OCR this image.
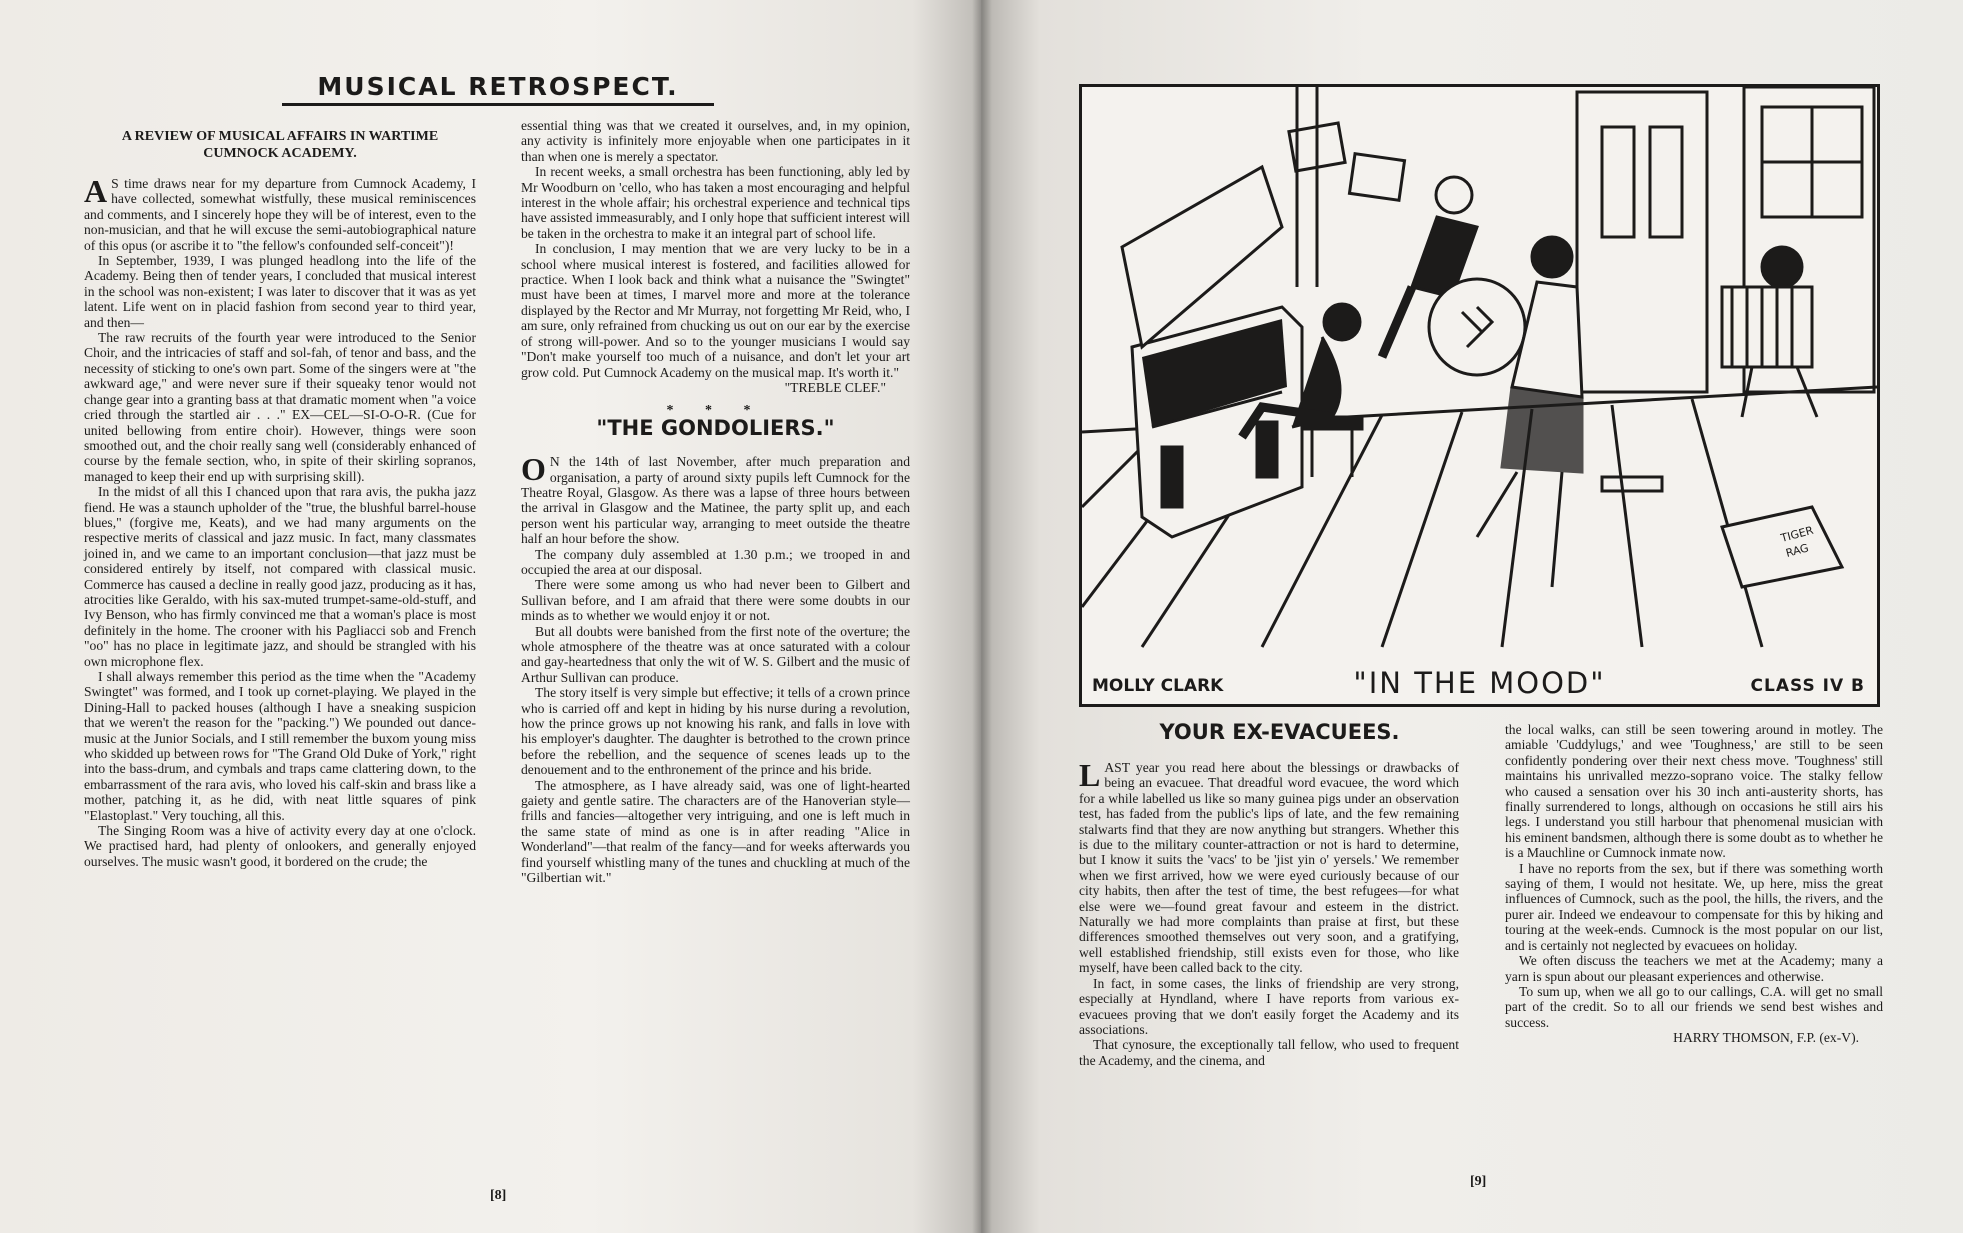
MUSICAL RETROSPECT.
A REVIEW OF MUSICAL AFFAIRS IN WARTIME CUMNOCK ACADEMY.

A S time draws near for my departure from Cumnock Academy, I have collected, somewhat wistfully, these musical reminiscences and comments, and I sincerely hope they will be of interest, even to the non-musician, and that he will excuse the semi-autobiographical nature of this opus (or ascribe it to "the fellow's confounded self-conceit")!

In September, 1939, I was plunged headlong into the life of the Academy. Being then of tender years, I concluded that musical interest in the school was non-existent; I was later to discover that it was as yet latent. Life went on in placid fashion from second year to third year, and then—

The raw recruits of the fourth year were introduced to the Senior Choir, and the intricacies of staff and sol-fah, of tenor and bass, and the necessity of sticking to one's own part. Some of the singers were at "the awkward age," and were never sure if their squeaky tenor would not change gear into a granting bass at that dramatic moment when "a voice cried through the startled air . . ." EX—CEL—SI-O-O-R. (Cue for united bellowing from entire choir). However, things were soon smoothed out, and the choir really sang well (considerably enhanced of course by the female section, who, in spite of their skirling sopranos, managed to keep their end up with surprising skill).

In the midst of all this I chanced upon that rara avis, the pukha jazz fiend. He was a staunch upholder of the "true, the blushful barrel-house blues," (forgive me, Keats), and we had many arguments on the respective merits of classical and jazz music. In fact, many classmates joined in, and we came to an important conclusion—that jazz must be considered entirely by itself, not compared with classical music. Commerce has caused a decline in really good jazz, producing as it has, atrocities like Geraldo, with his sax-muted trumpet-same-old-stuff, and Ivy Benson, who has firmly convinced me that a woman's place is most definitely in the home. The crooner with his Pagliacci sob and French "oo" has no place in legitimate jazz, and should be strangled with his own microphone flex.

I shall always remember this period as the time when the "Academy Swingtet" was formed, and I took up cornet-playing. We played in the Dining-Hall to packed houses (although I have a sneaking suspicion that we weren't the reason for the "packing.") We pounded out dance-music at the Junior Socials, and I still remember the buxom young miss who skidded up between rows for "The Grand Old Duke of York," right into the bass-drum, and cymbals and traps came clattering down, to the embarrassment of the rara avis, who loved his calf-skin and brass like a mother, patching it, as he did, with neat little squares of pink "Elastoplast." Very touching, all this.

The Singing Room was a hive of activity every day at one o'clock. We practised hard, had plenty of onlookers, and generally enjoyed ourselves. The music wasn't good, it bordered on the crude; the

essential thing was that we created it ourselves, and, in my opinion, any activity is infinitely more enjoyable when one participates in it than when one is merely a spectator.

In recent weeks, a small orchestra has been functioning, ably led by Mr Woodburn on 'cello, who has taken a most encouraging and helpful interest in the whole affair; his orchestral experience and technical tips have assisted immeasurably, and I only hope that sufficient interest will be taken in the orchestra to make it an integral part of school life.

In conclusion, I may mention that we are very lucky to be in a school where musical interest is fostered, and facilities allowed for practice. When I look back and think what a nuisance the "Swingtet" must have been at times, I marvel more and more at the tolerance displayed by the Rector and Mr Murray, not forgetting Mr Reid, who, I am sure, only refrained from chucking us out on our ear by the exercise of strong will-power. And so to the younger musicians I would say "Don't make yourself too much of a nuisance, and don't let your art grow cold. Put Cumnock Academy on the musical map. It's worth it."

"TREBLE CLEF."

* * *
"THE GONDOLIERS."

O N the 14th of last November, after much preparation and organisation, a party of around sixty pupils left Cumnock for the Theatre Royal, Glasgow. As there was a lapse of three hours between the arrival in Glasgow and the Matinee, the party split up, and each person went his particular way, arranging to meet outside the theatre half an hour before the show.

The company duly assembled at 1.30 p.m.; we trooped in and occupied the area at our disposal.

There were some among us who had never been to Gilbert and Sullivan before, and I am afraid that there were some doubts in our minds as to whether we would enjoy it or not.

But all doubts were banished from the first note of the overture; the whole atmosphere of the theatre was at once saturated with a colour and gay-heartedness that only the wit of W. S. Gilbert and the music of Arthur Sullivan can produce.

The story itself is very simple but effective; it tells of a crown prince who is carried off and kept in hiding by his nurse during a revolution, how the prince grows up not knowing his rank, and falls in love with his employer's daughter. The daughter is betrothed to the crown prince before the rebellion, and the sequence of scenes leads up to the denouement and to the enthronement of the prince and his bride.

The atmosphere, as I have already said, was one of light-hearted gaiety and gentle satire. The characters are of the Hanoverian style—frills and fancies—altogether very intriguing, and one is left much in the same state of mind as one is in after reading "Alice in Wonderland"—that realm of the fancy—and for weeks afterwards you find yourself whistling many of the tunes and chuckling at much of the "Gilbertian wit."

[8]
TIGER
RAG
MOLLY CLARK	"IN THE MOOD"	CLASS IV B
YOUR EX-EVACUEES.

LAST year you read here about the blessings or drawbacks of being an evacuee. That dreadful word evacuee, the word which for a while labelled us like so many guinea pigs under an observation test, has faded from the public's lips of late, and the few remaining stalwarts find that they are now anything but strangers. Whether this is due to the military counter-attraction or not is hard to determine, but I know it suits the 'vacs' to be 'jist yin o' yersels.' We remember when we first arrived, how we were eyed curiously because of our city habits, then after the test of time, the best refugees—for what else were we—found great favour and esteem in the district. Naturally we had more complaints than praise at first, but these differences smoothed themselves out very soon, and a gratifying, well established friendship, still exists even for those, who like myself, have been called back to the city.

In fact, in some cases, the links of friendship are very strong, especially at Hyndland, where I have reports from various ex-evacuees proving that we don't easily forget the Academy and its associations.

That cynosure, the exceptionally tall fellow, who used to frequent the Academy, and the cinema, and

the local walks, can still be seen towering around in motley. The amiable 'Cuddylugs,' and wee 'Toughness,' are still to be seen confidently pondering over their next chess move. 'Toughness' still maintains his unrivalled mezzo-soprano voice. The stalky fellow who caused a sensation over his 30 inch anti-austerity shorts, has finally surrendered to longs, although on occasions he still airs his legs. I understand you still harbour that phenomenal musician with his eminent bandsmen, although there is some doubt as to whether he is a Mauchline or Cumnock inmate now.

I have no reports from the sex, but if there was something worth saying of them, I would not hesitate. We, up here, miss the great influences of Cumnock, such as the pool, the hills, the rivers, and the purer air. Indeed we endeavour to compensate for this by hiking and touring at the week-ends. Cumnock is the most popular on our list, and is certainly not neglected by evacuees on holiday.

We often discuss the teachers we met at the Academy; many a yarn is spun about our pleasant experiences and otherwise.

To sum up, when we all go to our callings, C.A. will get no small part of the credit. So to all our friends we send best wishes and success.

HARRY THOMSON, F.P. (ex-V).

[9]
